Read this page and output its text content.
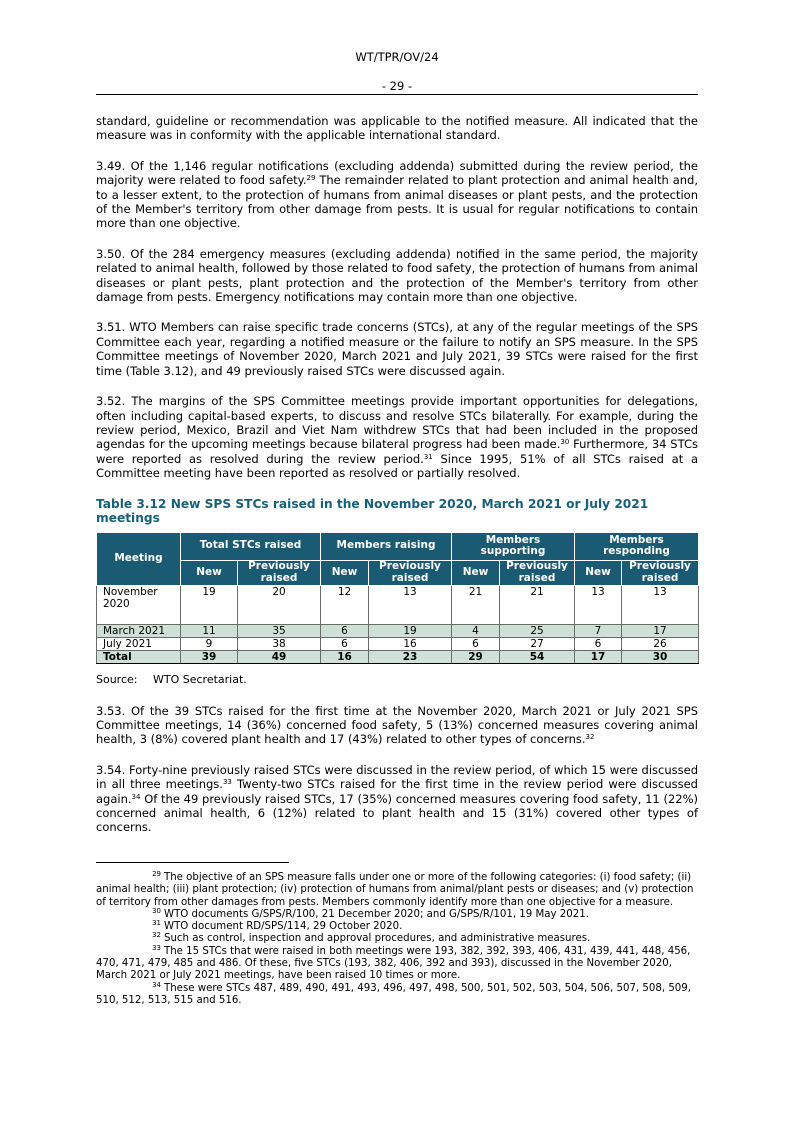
WT/TPR/OV/24
- 29 -

standard, guideline or recommendation was applicable to the notified measure. All indicated that the measure was in conformity with the applicable international standard.

3.49. Of the 1,146 regular notifications (excluding addenda) submitted during the review period, the majority were related to food safety.$^{29}$ The remainder related to plant protection and animal health and, to a lesser extent, to the protection of humans from animal diseases or plant pests, and the protection of the Member's territory from other damage from pests. It is usual for regular notifications to contain more than one objective.

3.50. Of the 284 emergency measures (excluding addenda) notified in the same period, the majority related to animal health, followed by those related to food safety, the protection of humans from animal diseases or plant pests, plant protection and the protection of the Member's territory from other damage from pests. Emergency notifications may contain more than one objective.

3.51. WTO Members can raise specific trade concerns (STCs), at any of the regular meetings of the SPS Committee each year, regarding a notified measure or the failure to notify an SPS measure. In the SPS Committee meetings of November 2020, March 2021 and July 2021, 39 STCs were raised for the first time (Table 3.12), and 49 previously raised STCs were discussed again.

3.52. The margins of the SPS Committee meetings provide important opportunities for delegations, often including capital-based experts, to discuss and resolve STCs bilaterally. For example, during the review period, Mexico, Brazil and Viet Nam withdrew STCs that had been included in the proposed agendas for the upcoming meetings because bilateral progress had been made.$^{30}$ Furthermore, 34 STCs were reported as resolved during the review period.$^{31}$ Since 1995, 51% of all STCs raised at a Committee meeting have been reported as resolved or partially resolved.

Table 3.12 New SPS STCs raised in the November 2020, March 2021 or July 2021 meetings
Meeting	Total STCs raised		Members raising		Members supporting		Members responding	
	New	Previously raised	New	Previously raised	New	Previously raised	New	Previously raised
November 2020	19	20	12	13	21	21	13	13
March 2021	11	35	6	19	4	25	7	17
July 2021	9	38	6	16	6	27	6	26
Total	39	49	16	23	29	54	17	30
Source: WTO Secretariat.

3.53. Of the 39 STCs raised for the first time at the November 2020, March 2021 or July 2021 SPS Committee meetings, 14 (36%) concerned food safety, 5 (13%) concerned measures covering animal health, 3 (8%) covered plant health and 17 (43%) related to other types of concerns.$^{32}$

3.54. Forty-nine previously raised STCs were discussed in the review period, of which 15 were discussed in all three meetings.$^{33}$ Twenty-two STCs raised for the first time in the review period were discussed again.$^{34}$ Of the 49 previously raised STCs, 17 (35%) concerned measures covering food safety, 11 (22%) concerned animal health, 6 (12%) related to plant health and 15 (31%) covered other types of concerns.

$^{29}$ The objective of an SPS measure falls under one or more of the following categories: (i) food safety; (ii) animal health; (iii) plant protection; (iv) protection of humans from animal/plant pests or diseases; and (v) protection of territory from other damages from pests. Members commonly identify more than one objective for a measure.

$^{30}$ WTO documents G/SPS/R/100, 21 December 2020; and G/SPS/R/101, 19 May 2021.

$^{31}$ WTO document RD/SPS/114, 29 October 2020.

$^{32}$ Such as control, inspection and approval procedures, and administrative measures.

$^{33}$ The 15 STCs that were raised in both meetings were 193, 382, 392, 393, 406, 431, 439, 441, 448, 456, 470, 471, 479, 485 and 486. Of these, five STCs (193, 382, 406, 392 and 393), discussed in the November 2020, March 2021 or July 2021 meetings, have been raised 10 times or more.

$^{34}$ These were STCs 487, 489, 490, 491, 493, 496, 497, 498, 500, 501, 502, 503, 504, 506, 507, 508, 509, 510, 512, 513, 515 and 516.
